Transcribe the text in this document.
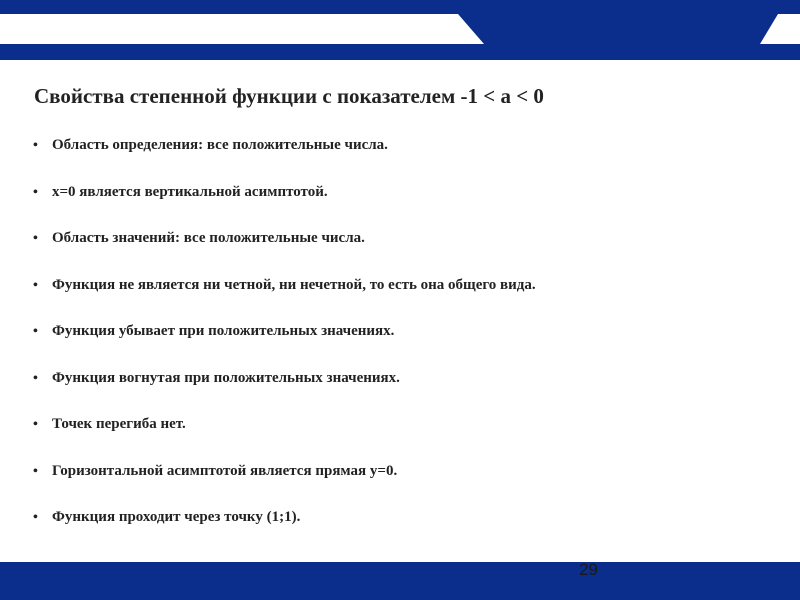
Свойства степенной функции с показателем -1 < a < 0
• Область определения: все положительные числа.
• x=0 является вертикальной асимптотой.
• Область значений: все положительные числа.
• Функция не является ни четной, ни нечетной, то есть она общего вида.
• Функция убывает при положительных значениях.
• Функция вогнутая при положительных значениях.
• Точек перегиба нет.
• Горизонтальной асимптотой является прямая y=0.
• Функция проходит через точку (1;1).
29
